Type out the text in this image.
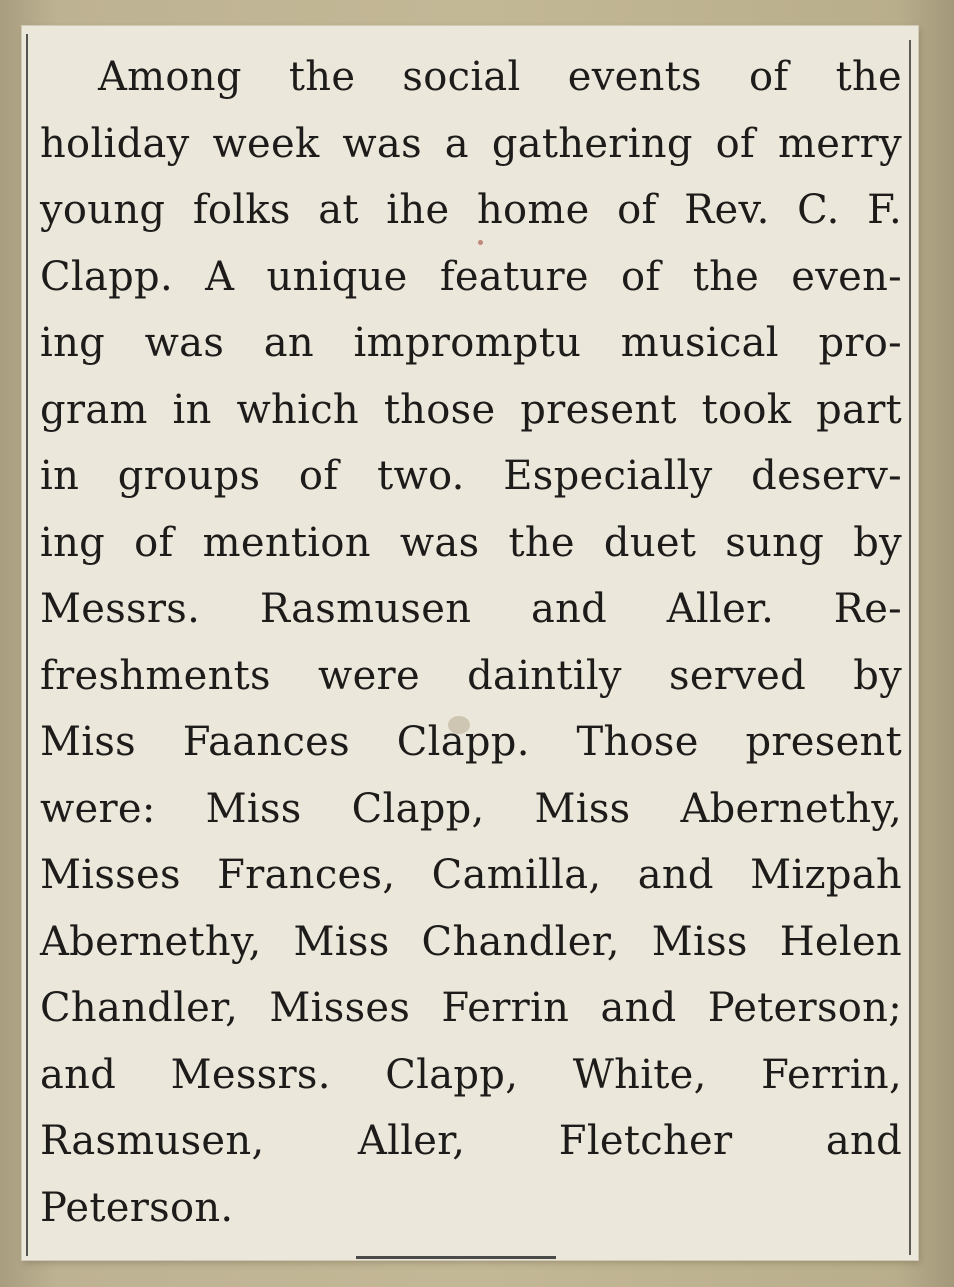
Among the social events of the
holiday week was a gathering of merry
young folks at ihe home of Rev. C. F.
Clapp. A unique feature of the even-
ing was an impromptu musical pro-
gram in which those present took part
in groups of two. Especially deserv-
ing of mention was the duet sung by
Messrs. Rasmusen and Aller. Re-
freshments were daintily served by
Miss Faances Clapp. Those present
were: Miss Clapp, Miss Abernethy,
Misses Frances, Camilla, and Mizpah
Abernethy, Miss Chandler, Miss Helen
Chandler, Misses Ferrin and Peterson;
and Messrs. Clapp, White, Ferrin,
Rasmusen, Aller, Fletcher and
Peterson.
